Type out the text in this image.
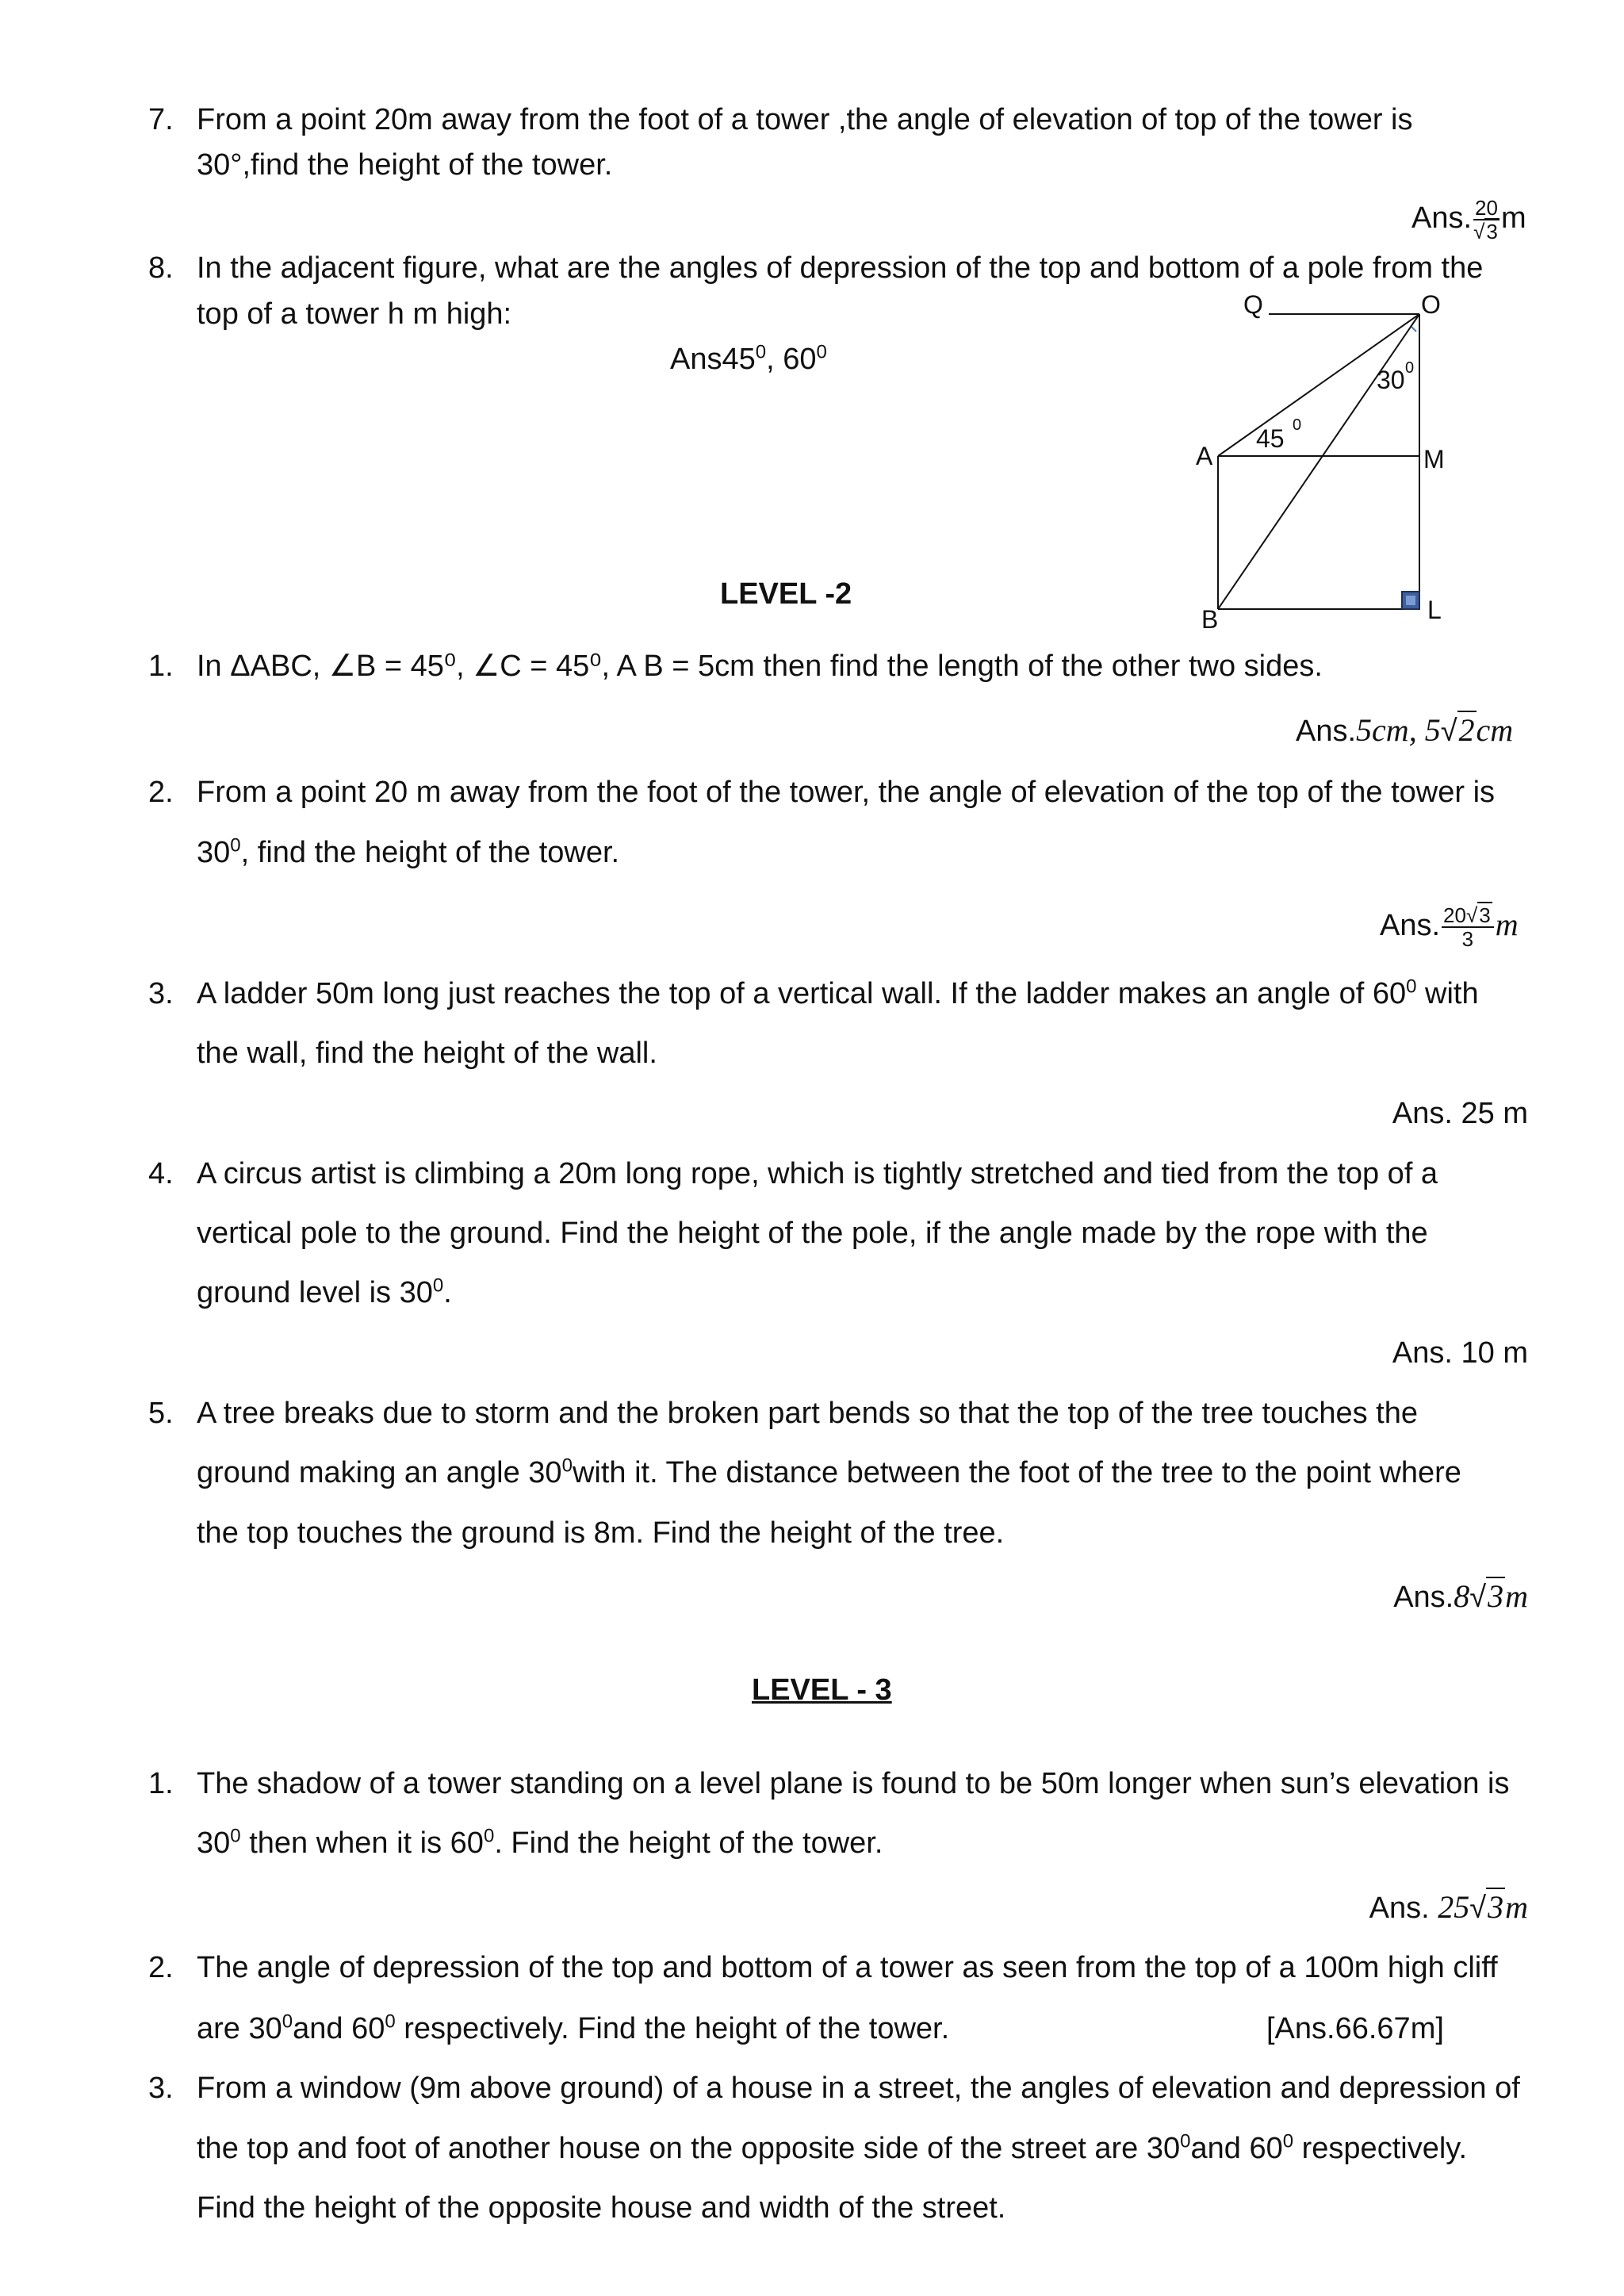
7. From a point 20m away from the foot of a tower ,the angle of elevation of top of the tower is
30°,find the height of the tower.
Ans. $\frac{20}{√3}$ m
8. In the adjacent figure, what are the angles of depression of the top and bottom of a pole from the
top of a tower h m high:
$Ans45^0$, $60^0$
Q	O
A	M
B	L
45 0
30 0
LEVEL -2
1. In ΔABC, ∠B = 45⁰, ∠C = 45⁰, A B = 5cm then find the length of the other two sides.
Ans.5cm, 5√2cm
2. From a point 20 m away from the foot of the tower, the angle of elevation of the top of the tower is
$30^0$, find the height of the tower.
Ans. $\frac{20√3}{3}$ m
3. A ladder 50m long just reaches the top of a vertical wall. If the ladder makes an angle of $60^0$ with
the wall, find the height of the wall.
Ans. 25 m
4. A circus artist is climbing a 20m long rope, which is tightly stretched and tied from the top of a
vertical pole to the ground. Find the height of the pole, if the angle made by the rope with the
ground level is $30^0$.
Ans. 10 m
5. A tree breaks due to storm and the broken part bends so that the top of the tree touches the
ground making an angle $30^0with$ it. The distance between the foot of the tree to the point where
the top touches the ground is 8m. Find the height of the tree.
Ans.8√3m
LEVEL - 3
1. The shadow of a tower standing on a level plane is found to be 50m longer when sun’s elevation is
$30^0$ then when it is $60^0$. Find the height of the tower.
Ans. 25√3m
2. The angle of depression of the top and bottom of a tower as seen from the top of a 100m high cliff
are $30^0and$ $60^0$ respectively. Find the height of the tower.	[Ans.66.67m]
3. From a window (9m above ground) of a house in a street, the angles of elevation and depression of
the top and foot of another house on the opposite side of the street are $30^0and$ $60^0$ respectively.
Find the height of the opposite house and width of the street.
